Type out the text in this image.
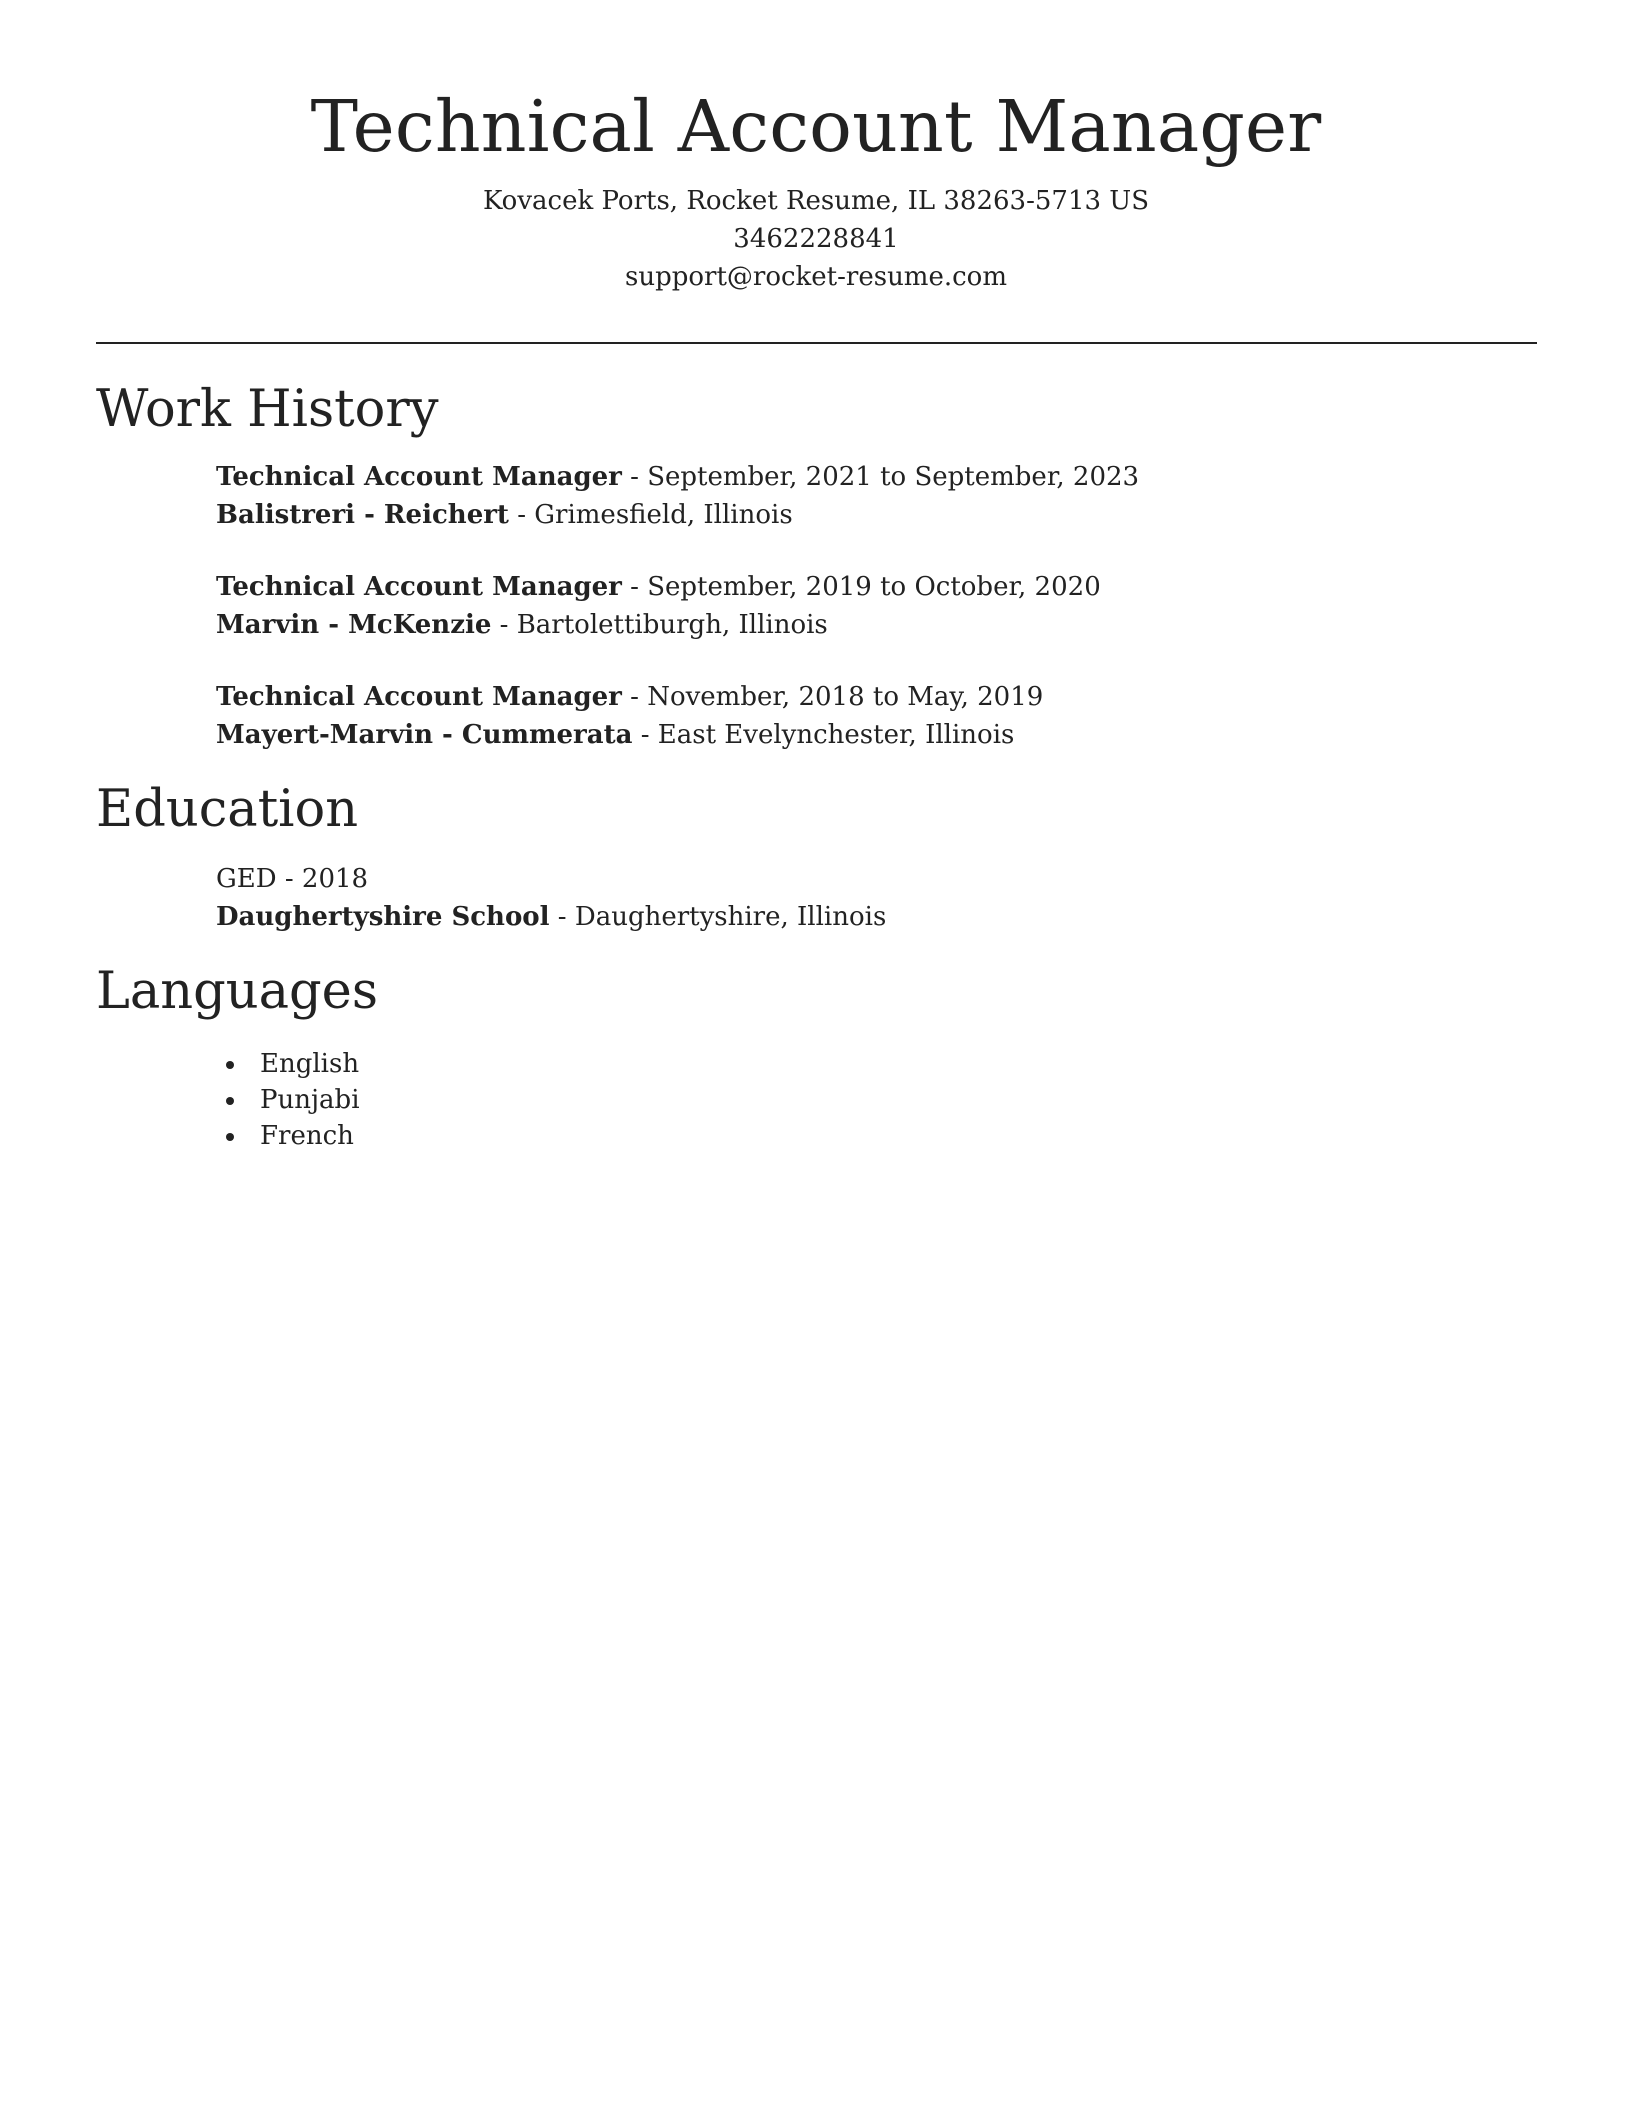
Technical Account Manager
Kovacek Ports, Rocket Resume, IL 38263-5713 US
3462228841
support@rocket-resume.com
Work History
Technical Account Manager - September, 2021 to September, 2023
Balistreri - Reichert - Grimesfield, Illinois
Technical Account Manager - September, 2019 to October, 2020
Marvin - McKenzie - Bartolettiburgh, Illinois
Technical Account Manager - November, 2018 to May, 2019
Mayert-Marvin - Cummerata - East Evelynchester, Illinois
Education
GED - 2018
Daughertyshire School - Daughertyshire, Illinois
Languages
English
Punjabi
French
